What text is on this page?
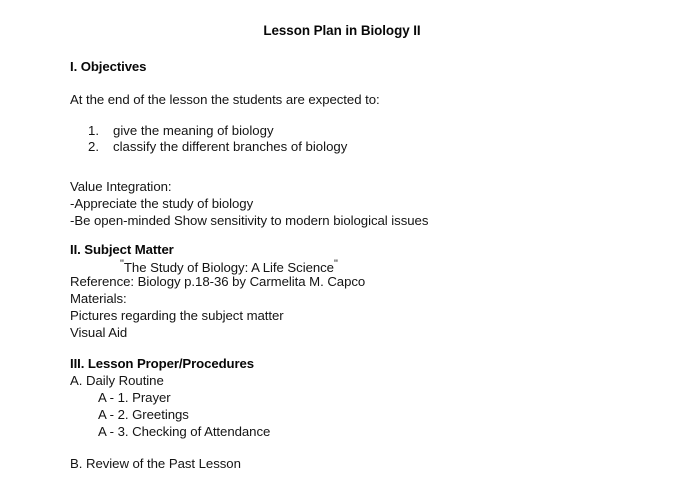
Lesson Plan in Biology II
I. Objectives
At the end of the lesson the students are expected to:
1. give the meaning of biology
2. classify the different branches of biology
Value Integration:
-Appreciate the study of biology
-Be open-minded Show sensitivity to modern biological issues
II. Subject Matter
"The Study of Biology: A Life Science"
Reference: Biology p.18-36 by Carmelita M. Capco
Materials:
Pictures regarding the subject matter
Visual Aid
III. Lesson Proper/Procedures
A. Daily Routine
A - 1. Prayer
A - 2. Greetings
A - 3. Checking of Attendance
B. Review of the Past Lesson
